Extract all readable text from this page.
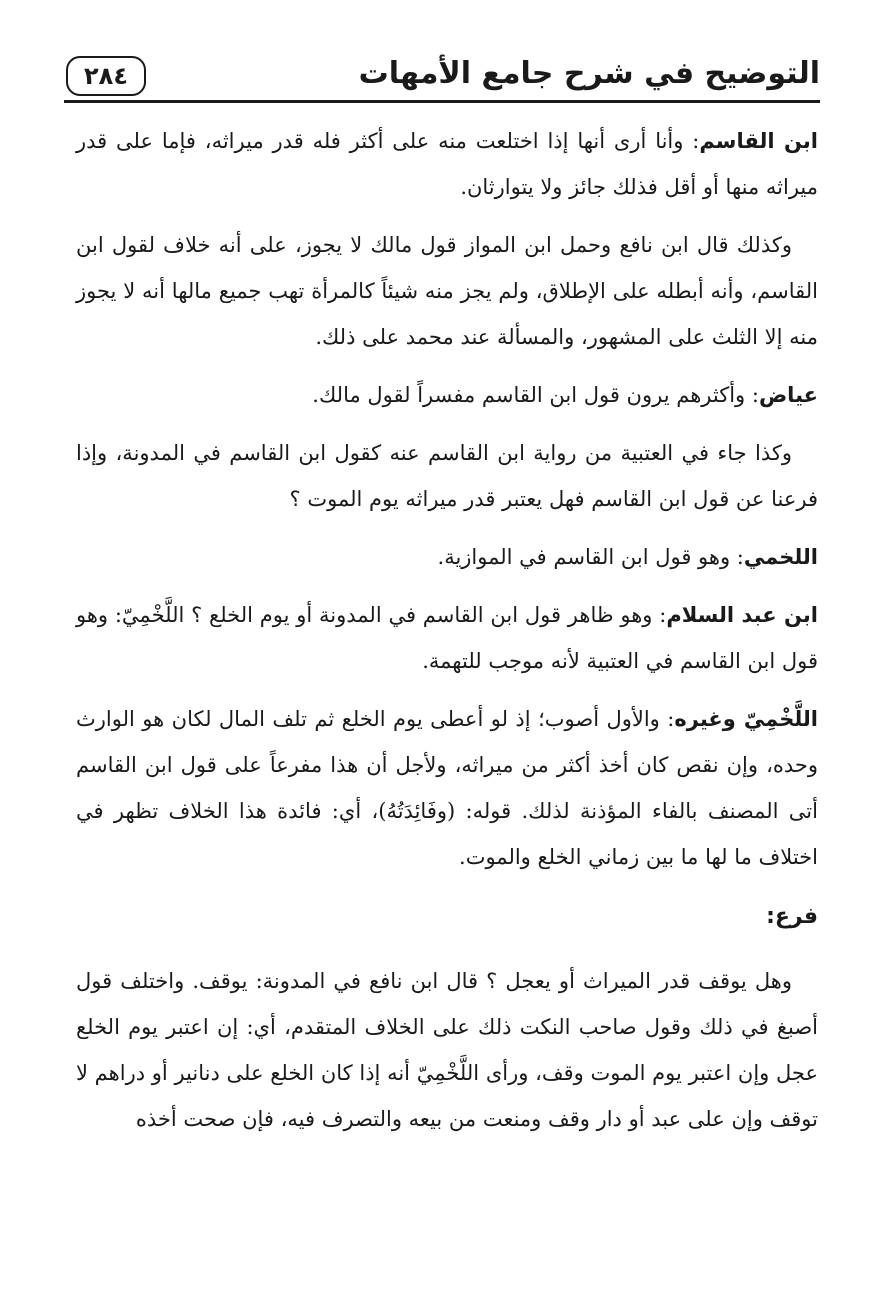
٢٨٤	التوضيح في شرح جامع الأمهات

ابن القاسم: وأنا أرى أنها إذا اختلعت منه على أكثر فله قدر ميراثه، فإما على قدر ميراثه منها أو أقل فذلك جائز ولا يتوارثان.

وكذلك قال ابن نافع وحمل ابن المواز قول مالك لا يجوز، على أنه خلاف لقول ابن القاسم، وأنه أبطله على الإطلاق، ولم يجز منه شيئاً كالمرأة تهب جميع مالها أنه لا يجوز منه إلا الثلث على المشهور، والمسألة عند محمد على ذلك.

عياض: وأكثرهم يرون قول ابن القاسم مفسراً لقول مالك.

وكذا جاء في العتبية من رواية ابن القاسم عنه كقول ابن القاسم في المدونة، وإذا فرعنا عن قول ابن القاسم فهل يعتبر قدر ميراثه يوم الموت ؟

اللخمي: وهو قول ابن القاسم في الموازية.

ابن عبد السلام: وهو ظاهر قول ابن القاسم في المدونة أو يوم الخلع ؟ اللَّخْمِيّ: وهو قول ابن القاسم في العتبية لأنه موجب للتهمة.

اللَّخْمِيّ وغيره: والأول أصوب؛ إذ لو أعطى يوم الخلع ثم تلف المال لكان هو الوارث وحده، وإن نقص كان أخذ أكثر من ميراثه، ولأجل أن هذا مفرعاً على قول ابن القاسم أتى المصنف بالفاء المؤذنة لذلك. قوله: (وفَائِدَتُهُ)، أي: فائدة هذا الخلاف تظهر في اختلاف ما لها ما بين زماني الخلع والموت.

فرع:

وهل يوقف قدر الميراث أو يعجل ؟ قال ابن نافع في المدونة: يوقف. واختلف قول أصبغ في ذلك وقول صاحب النكت ذلك على الخلاف المتقدم، أي: إن اعتبر يوم الخلع عجل وإن اعتبر يوم الموت وقف، ورأى اللَّخْمِيّ أنه إذا كان الخلع على دنانير أو دراهم لا توقف وإن على عبد أو دار وقف ومنعت من بيعه والتصرف فيه، فإن صحت أخذه
